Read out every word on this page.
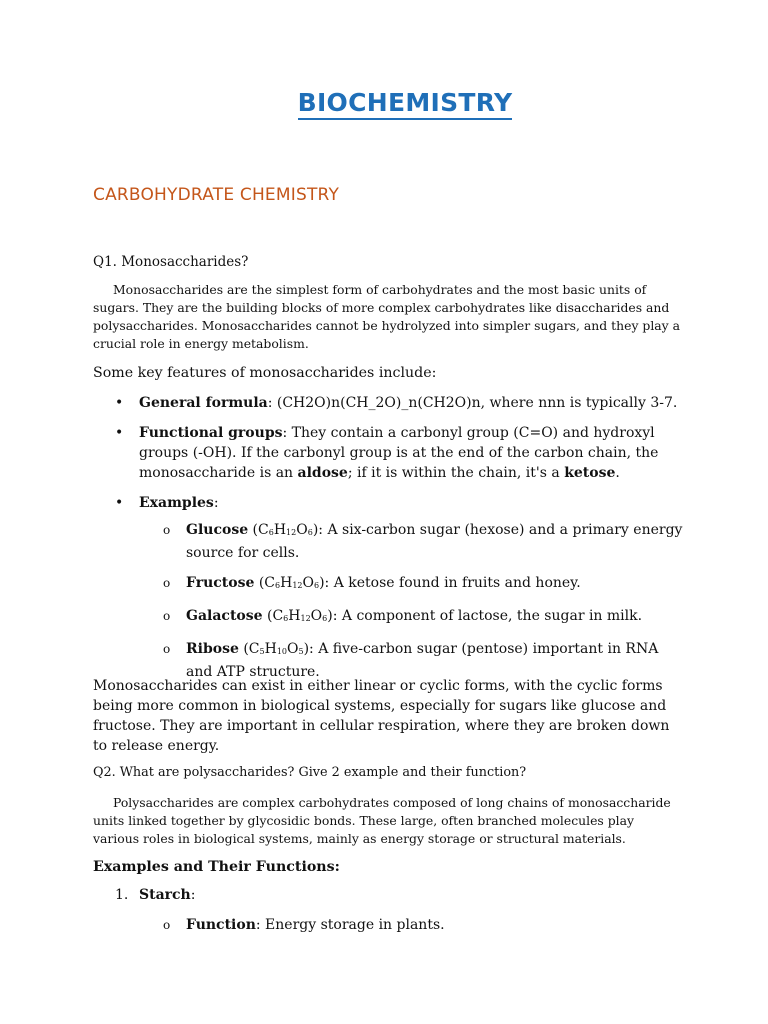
BIOCHEMISTRY
CARBOHYDRATE CHEMISTRY
Q1. Monosaccharides?

Monosaccharides are the simplest form of carbohydrates and the most basic units of sugars. They are the building blocks of more complex carbohydrates like disaccharides and polysaccharides. Monosaccharides cannot be hydrolyzed into simpler sugars, and they play a crucial role in energy metabolism.

Some key features of monosaccharides include:
• General formula: (CH2O)n(CH_2O)_n(CH2O)n, where nnn is typically 3-7.
• Functional groups: They contain a carbonyl group (C=O) and hydroxyl groups (-OH). If the carbonyl group is at the end of the carbon chain, the monosaccharide is an aldose; if it is within the chain, it's a ketose.
• Examples:
o Glucose $(C_6H_{12}O_6)$: A six-carbon sugar (hexose) and a primary energy source for cells.
o Fructose $(C_6H_{12}O_6)$: A ketose found in fruits and honey.
o Galactose $(C_6H_{12}O_6)$: A component of lactose, the sugar in milk.
o Ribose $(C_5H_{10}O_5)$: A five-carbon sugar (pentose) important in RNA and ATP structure.

Monosaccharides can exist in either linear or cyclic forms, with the cyclic forms being more common in biological systems, especially for sugars like glucose and fructose. They are important in cellular respiration, where they are broken down to release energy.

Q2. What are polysaccharides? Give 2 example and their function?

Polysaccharides are complex carbohydrates composed of long chains of monosaccharide units linked together by glycosidic bonds. These large, often branched molecules play various roles in biological systems, mainly as energy storage or structural materials.

Examples and Their Functions:
1. Starch:
o Function: Energy storage in plants.
